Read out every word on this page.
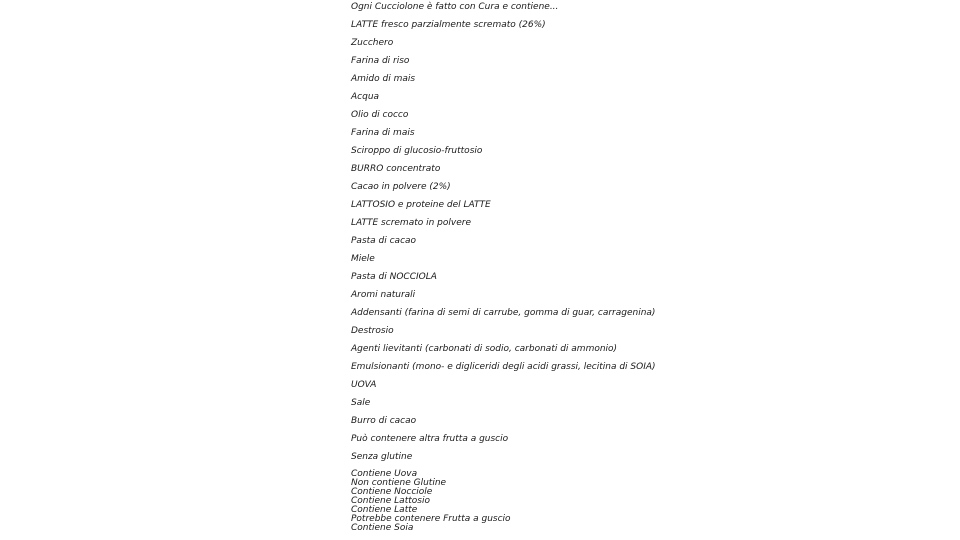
Ogni Cucciolone è fatto con Cura e contiene...
LATTE fresco parzialmente scremato (26%)
Zucchero
Farina di riso
Amido di mais
Acqua
Olio di cocco
Farina di mais
Sciroppo di glucosio-fruttosio
BURRO concentrato
Cacao in polvere (2%)
LATTOSIO e proteine del LATTE
LATTE scremato in polvere
Pasta di cacao
Miele
Pasta di NOCCIOLA
Aromi naturali
Addensanti (farina di semi di carrube, gomma di guar, carragenina)
Destrosio
Agenti lievitanti (carbonati di sodio, carbonati di ammonio)
Emulsionanti (mono- e digliceridi degli acidi grassi, lecitina di SOIA)
UOVA
Sale
Burro di cacao
Può contenere altra frutta a guscio
Senza glutine
Contiene Uova
Non contiene Glutine
Contiene Nocciole
Contiene Lattosio
Contiene Latte
Potrebbe contenere Frutta a guscio
Contiene Soia
